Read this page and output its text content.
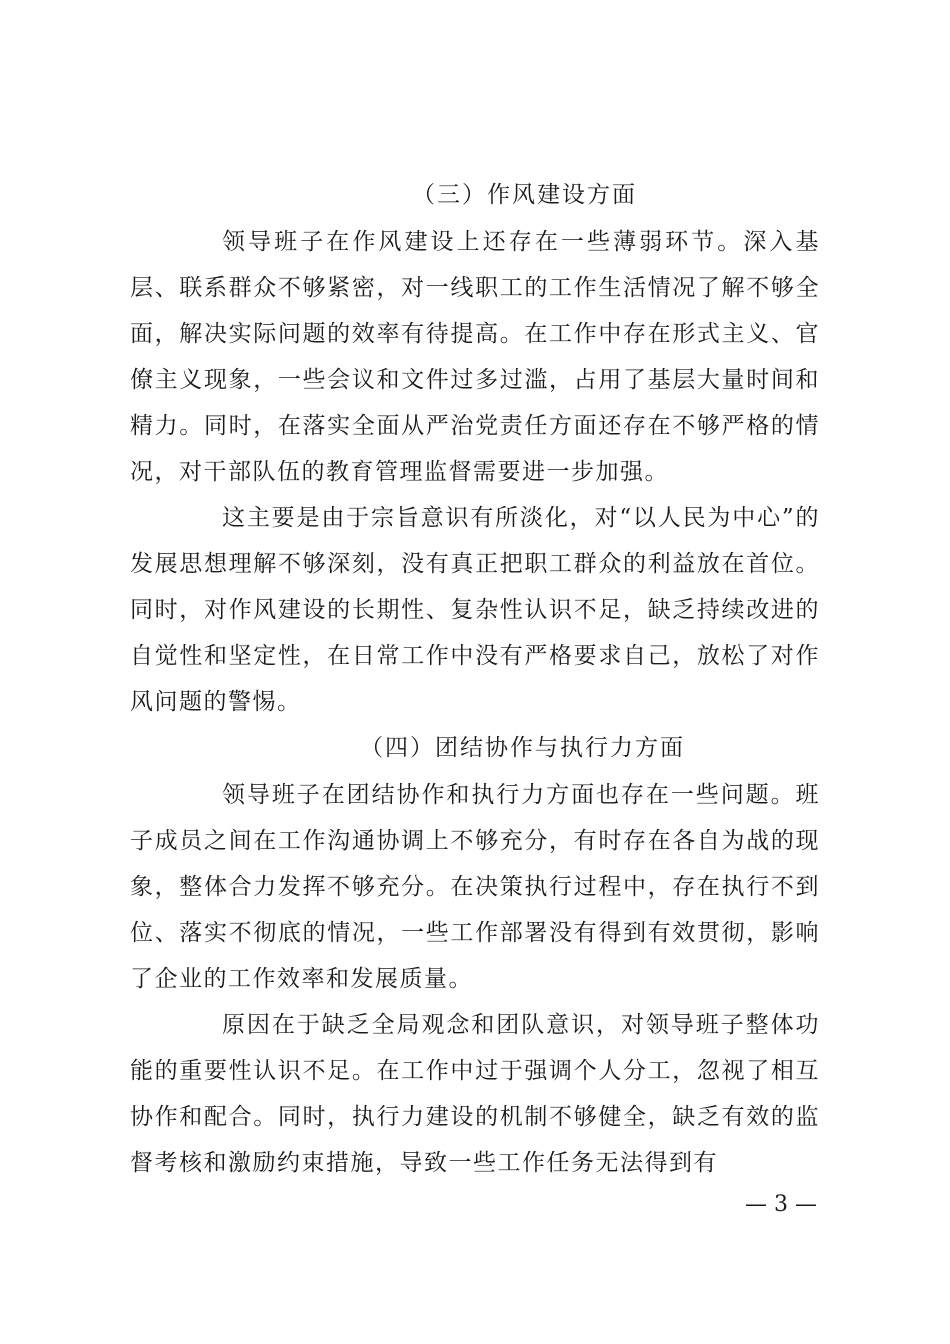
（三）作风建设方面
领导班子在作风建设上还存在一些薄弱环节。深入基层、联系群众不够紧密，对一线职工的工作生活情况了解不够全面，解决实际问题的效率有待提高。在工作中存在形式主义、官僚主义现象，一些会议和文件过多过滥，占用了基层大量时间和精力。同时，在落实全面从严治党责任方面还存在不够严格的情况，对干部队伍的教育管理监督需要进一步加强。
这主要是由于宗旨意识有所淡化，对“以人民为中心”的发展思想理解不够深刻，没有真正把职工群众的利益放在首位。同时，对作风建设的长期性、复杂性认识不足，缺乏持续改进的自觉性和坚定性，在日常工作中没有严格要求自己，放松了对作风问题的警惕。
（四）团结协作与执行力方面
领导班子在团结协作和执行力方面也存在一些问题。班子成员之间在工作沟通协调上不够充分，有时存在各自为战的现象，整体合力发挥不够充分。在决策执行过程中，存在执行不到位、落实不彻底的情况，一些工作部署没有得到有效贯彻，影响了企业的工作效率和发展质量。
原因在于缺乏全局观念和团队意识，对领导班子整体功能的重要性认识不足。在工作中过于强调个人分工，忽视了相互协作和配合。同时，执行力建设的机制不够健全，缺乏有效的监督考核和激励约束措施，导致一些工作任务无法得到有
— 3 —
